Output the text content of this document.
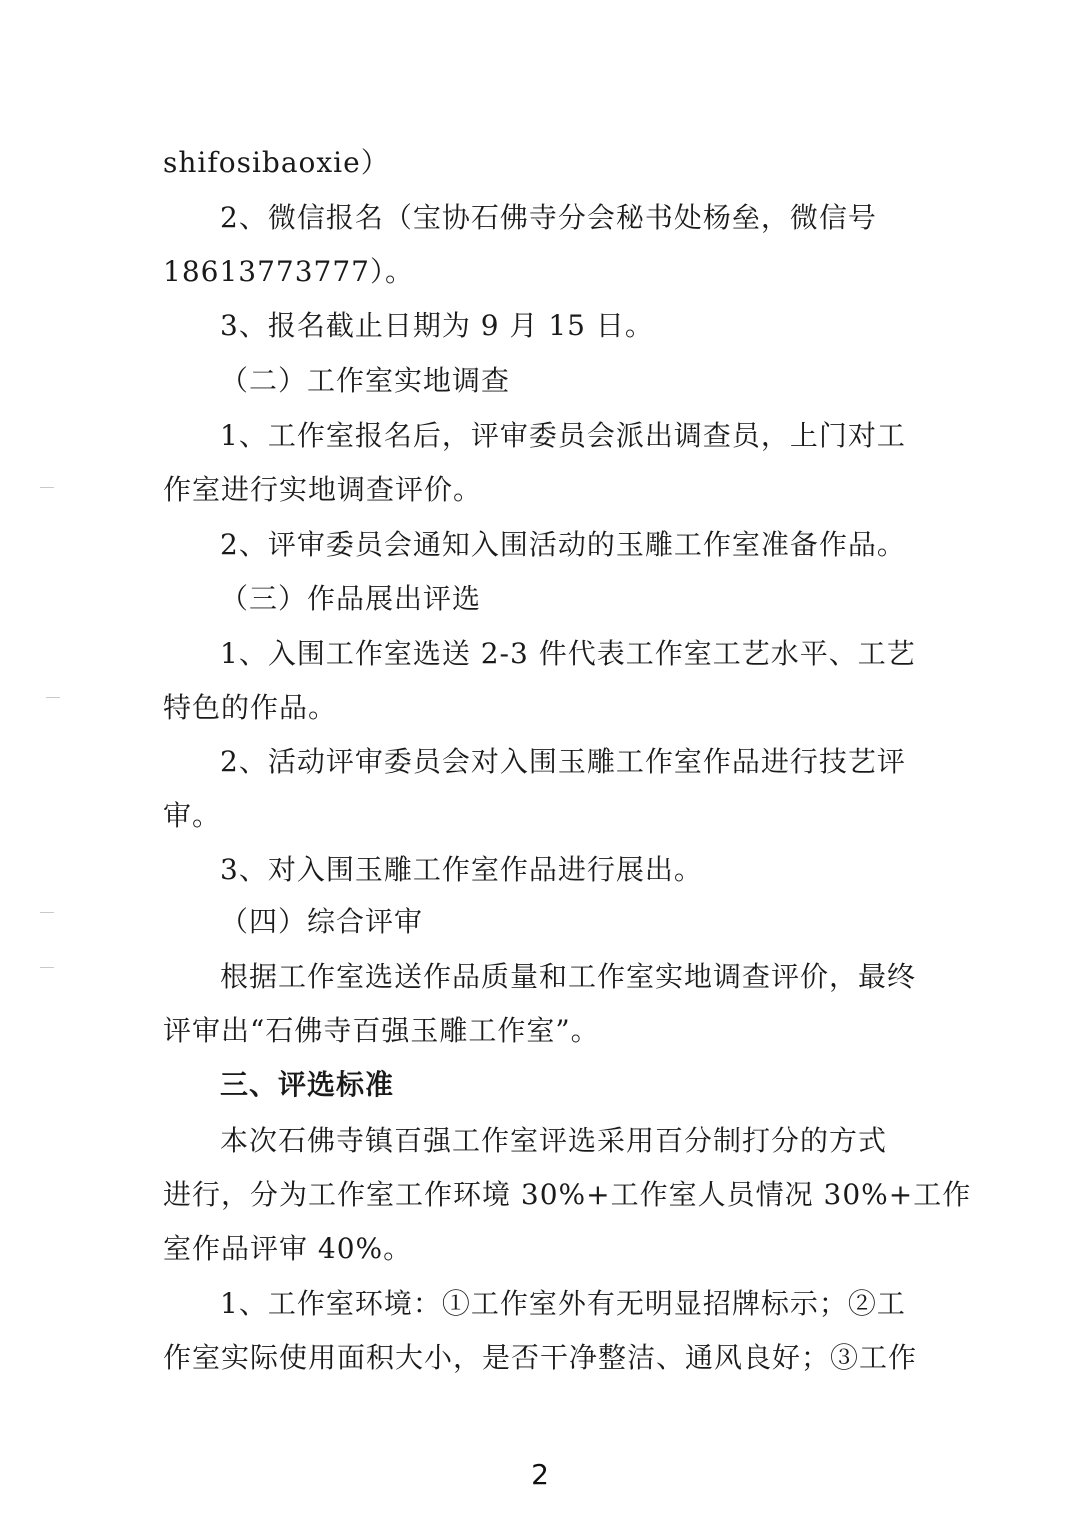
shifosibaoxie）
2、微信报名（宝协石佛寺分会秘书处杨垒，微信号
18613773777）。
3、报名截止日期为 9 月 15 日。
（二）工作室实地调查
1、工作室报名后，评审委员会派出调查员，上门对工
作室进行实地调查评价。
2、评审委员会通知入围活动的玉雕工作室准备作品。
（三）作品展出评选
1、入围工作室选送 2-3 件代表工作室工艺水平、工艺
特色的作品。
2、活动评审委员会对入围玉雕工作室作品进行技艺评
审。
3、对入围玉雕工作室作品进行展出。
（四）综合评审
根据工作室选送作品质量和工作室实地调查评价，最终
评审出“石佛寺百强玉雕工作室”。
三、评选标准
本次石佛寺镇百强工作室评选采用百分制打分的方式
进行，分为工作室工作环境 30%+工作室人员情况 30%+工作
室作品评审 40%。
1、工作室环境：①工作室外有无明显招牌标示；②工
作室实际使用面积大小，是否干净整洁、通风良好；③工作
2
